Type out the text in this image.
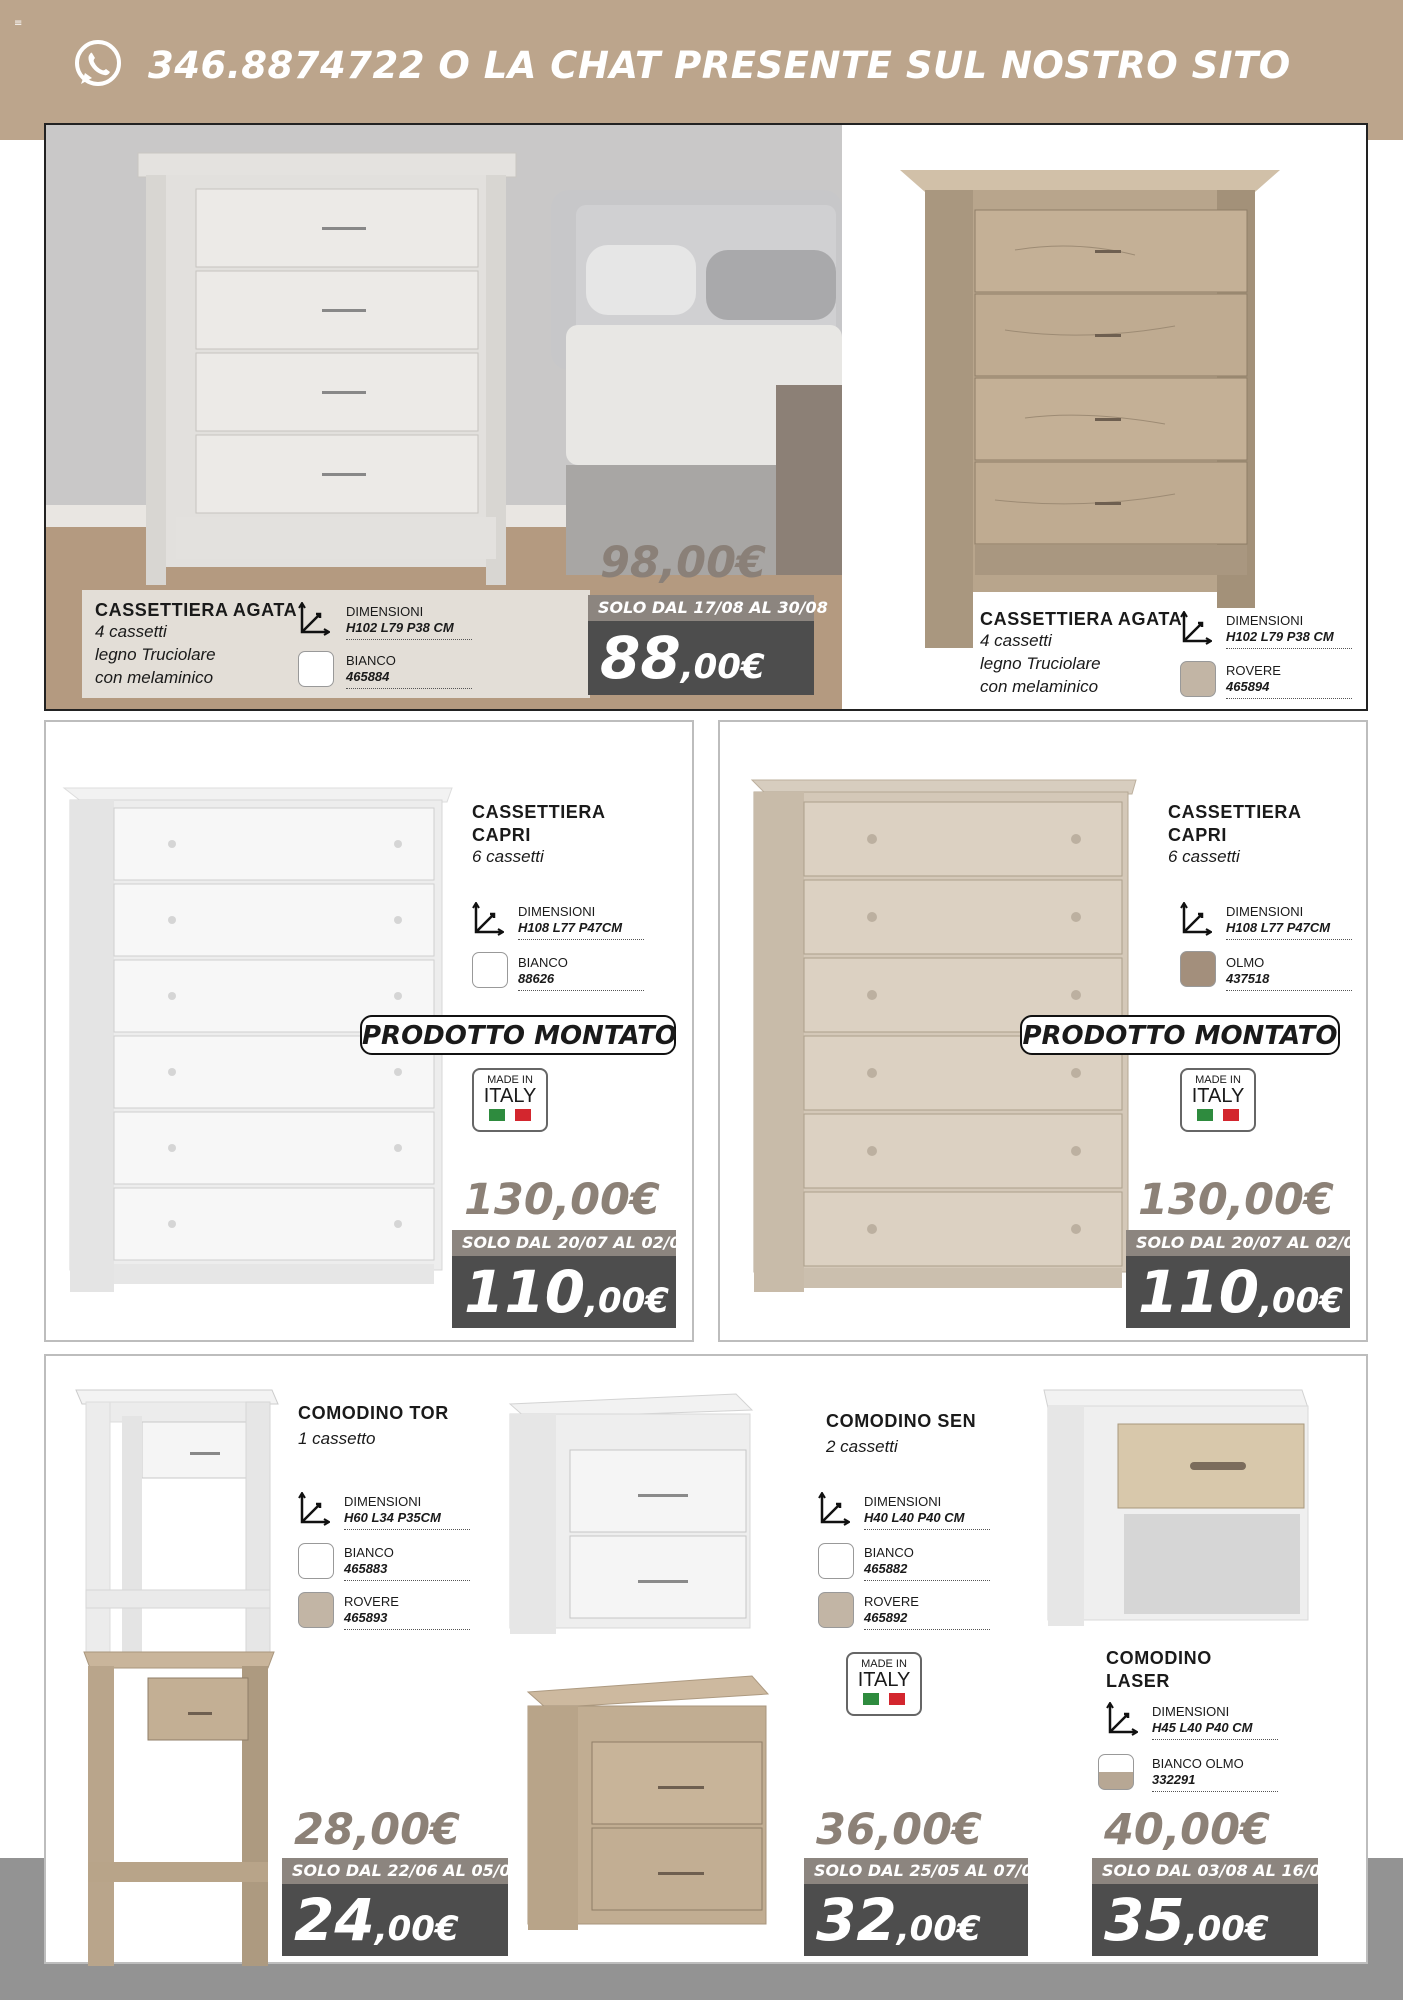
≡
346.8874722 O LA CHAT PRESENTE SUL NOSTRO SITO
CASSETTIERA AGATA
4 cassetti
legno Truciolare
con melaminico
DIMENSIONI
H102 L79 P38 CM
BIANCO
465884
98,00€
SOLO DAL 17/08 AL 30/08
88,00€
CASSETTIERA AGATA
4 cassetti
legno Truciolare
con melaminico
DIMENSIONI
H102 L79 P38 CM
ROVERE
465894
CASSETTIERA
CAPRI
6 cassetti
DIMENSIONI
H108 L77 P47CM
BIANCO
88626
PRODOTTO MONTATO
MADE IN
ITALY
130,00€
SOLO DAL 20/07 AL 02/08
110,00€
CASSETTIERA
CAPRI
6 cassetti
DIMENSIONI
H108 L77 P47CM
OLMO
437518
PRODOTTO MONTATO
MADE IN
ITALY
130,00€
SOLO DAL 20/07 AL 02/08
110,00€
COMODINO TOR
1 cassetto
DIMENSIONI
H60 L34 P35CM
BIANCO
465883
ROVERE
465893
28,00€
SOLO DAL 22/06 AL 05/07
24,00€
COMODINO SEN
2 cassetti
DIMENSIONI
H40 L40 P40 CM
BIANCO
465882
ROVERE
465892
MADE IN
ITALY
36,00€
SOLO DAL 25/05 AL 07/06
32,00€
COMODINO
LASER
DIMENSIONI
H45 L40 P40 CM
BIANCO OLMO
332291
40,00€
SOLO DAL 03/08 AL 16/08
35,00€
